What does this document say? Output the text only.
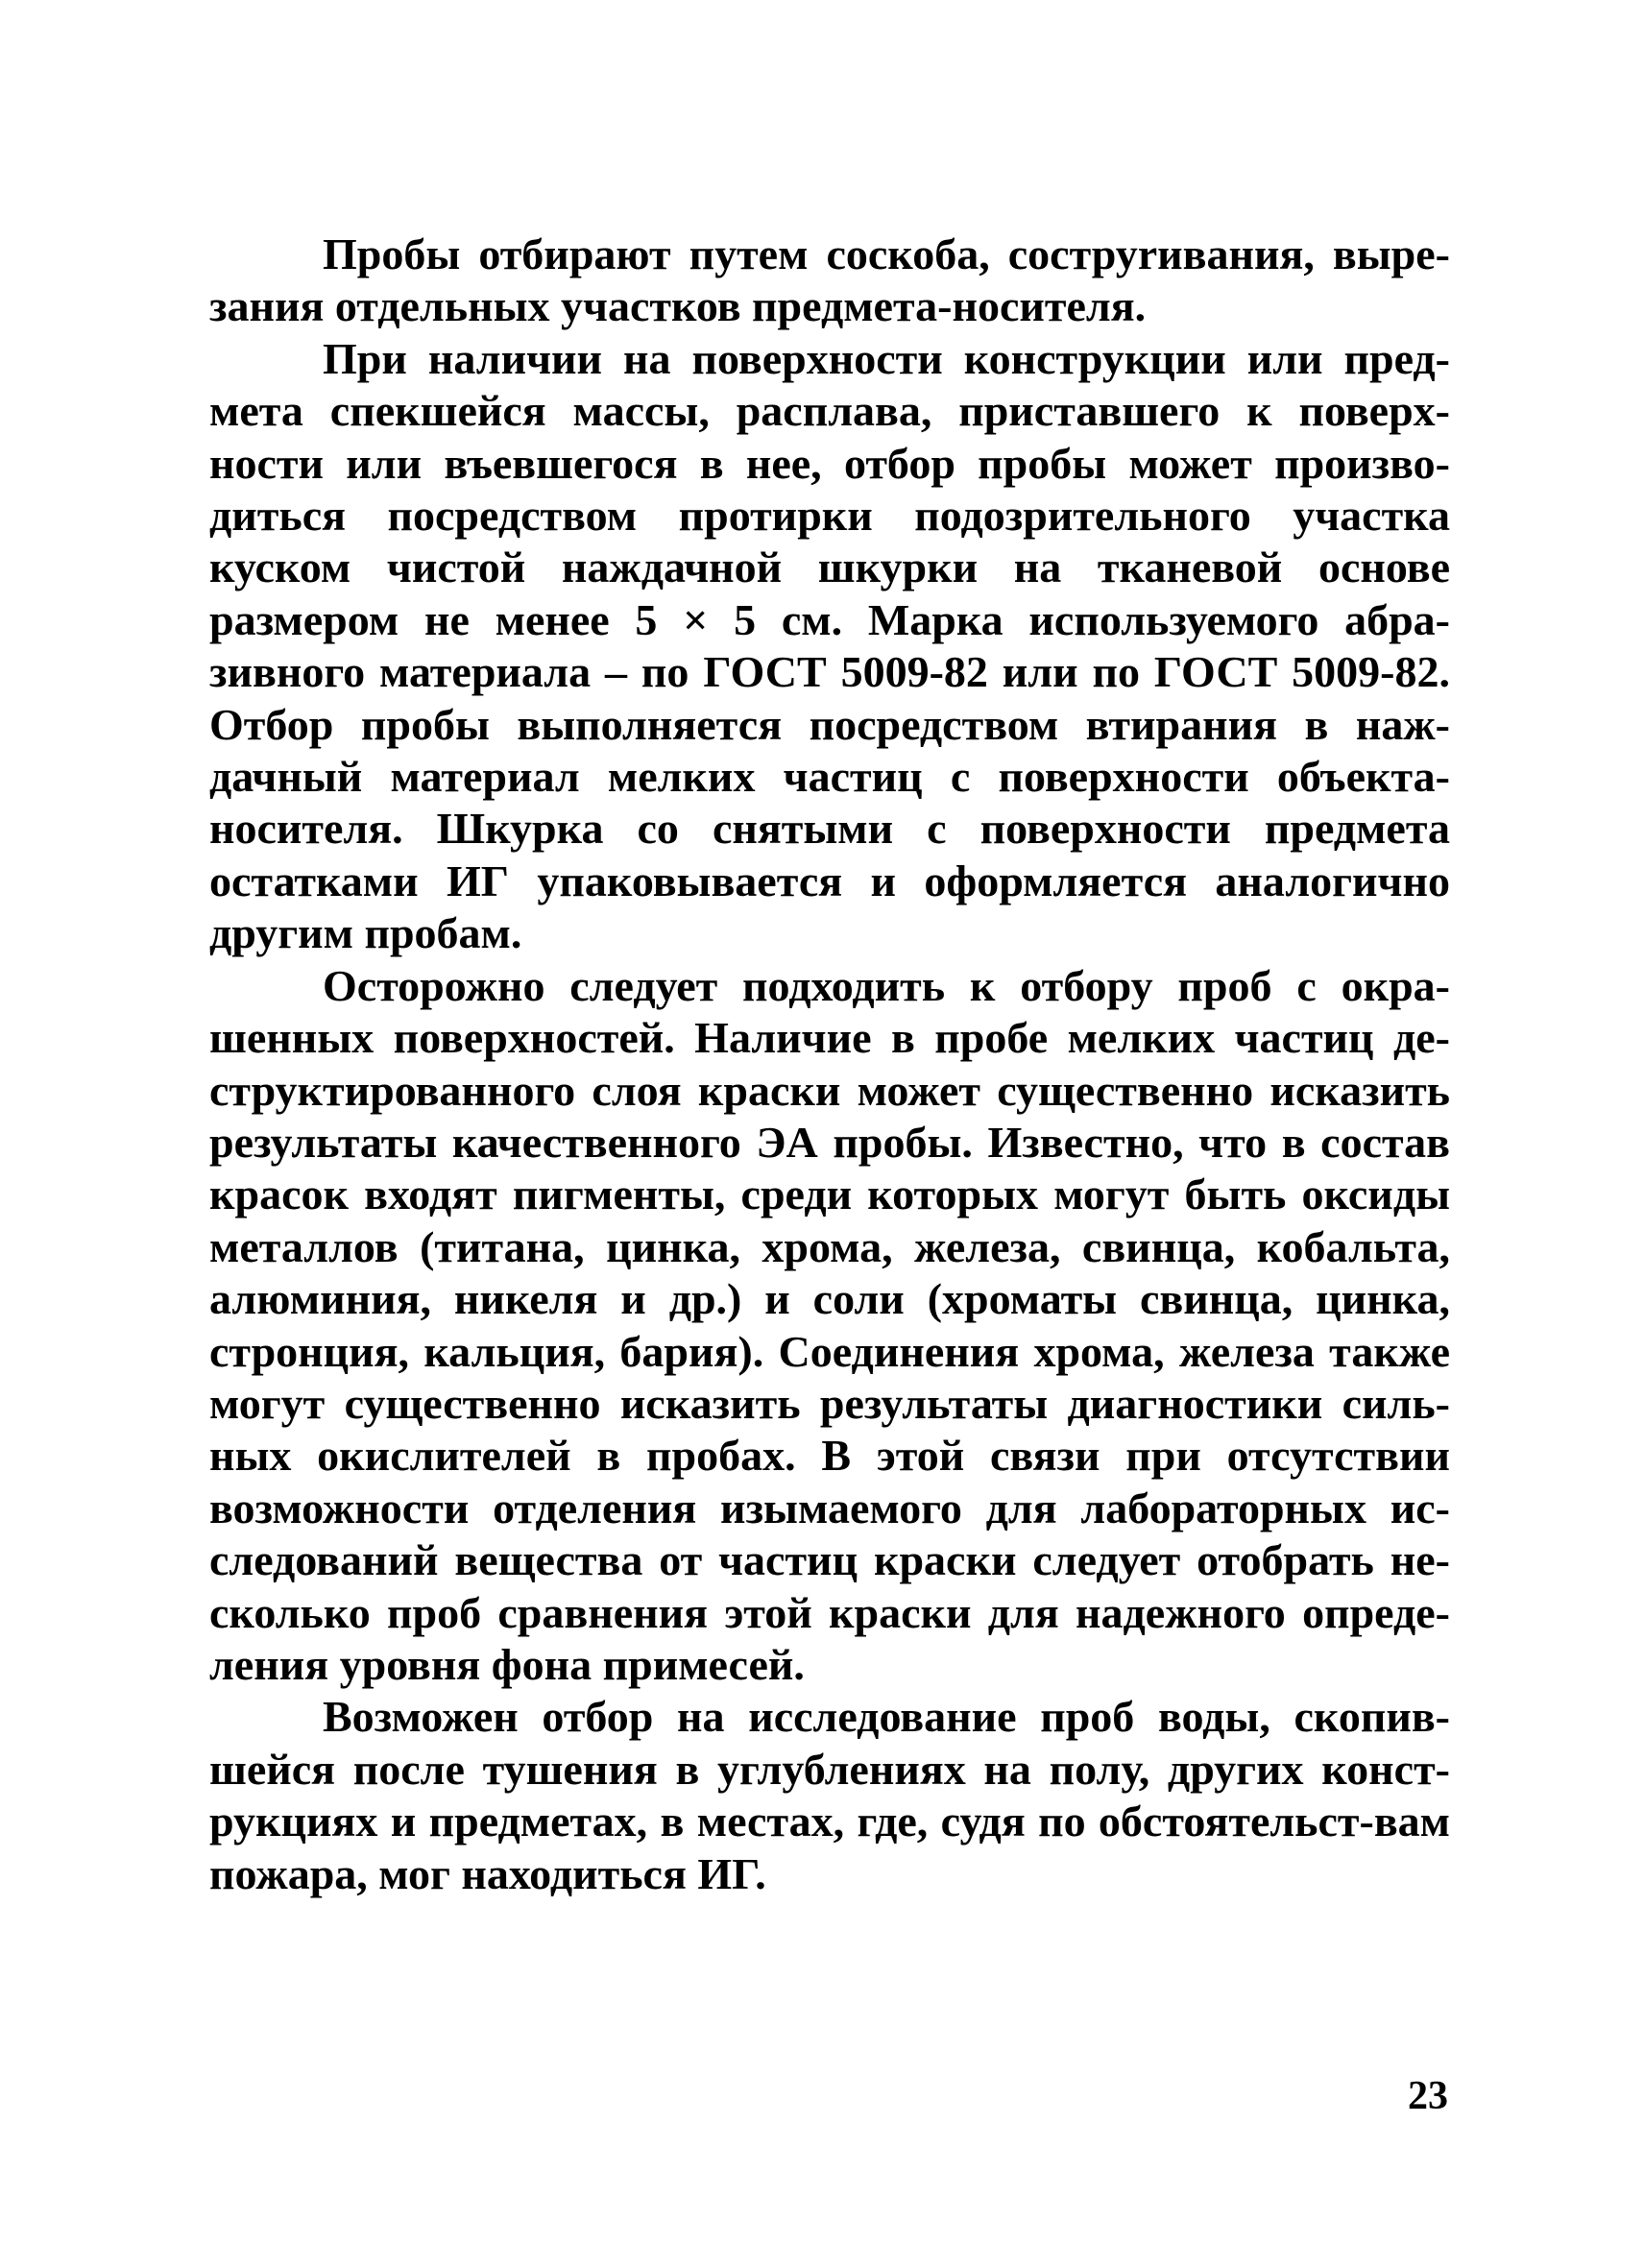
Пробы отбирают путем соскоба, соструrивания, выре-зания отдельных участков предмета-носителя.

При наличии на поверхности конструкции или пред-мета спекшейся массы, расплава, приставшего к поверх-ности или въевшегося в нее, отбор пробы может произво-диться посредством протирки подозрительного участка куском чистой наждачной шкурки на тканевой основе размером не менее 5 × 5 см. Марка используемого абра-зивного материала – по ГОСТ 5009-82 или по ГОСТ 5009-82. Отбор пробы выполняется посредством втирания в наж-дачный материал мелких частиц с поверхности объекта-носителя. Шкурка со снятыми с поверхности предмета остатками ИГ упаковывается и оформляется аналогично другим пробам.

Осторожно следует подходить к отбору проб с окра-шенных поверхностей. Наличие в пробе мелких частиц де-структированного слоя краски может существенно исказить результаты качественного ЭА пробы. Известно, что в состав красок входят пигменты, среди которых могут быть оксиды металлов (титана, цинка, хрома, железа, свинца, кобальта, алюминия, никеля и др.) и соли (хроматы свинца, цинка, стронция, кальция, бария). Соединения хрома, железа также могут существенно исказить результаты диагностики силь-ных окислителей в пробах. В этой связи при отсутствии возможности отделения изымаемого для лабораторных ис-следований вещества от частиц краски следует отобрать не-сколько проб сравнения этой краски для надежного опреде-ления уровня фона примесей.

Возможен отбор на исследование проб воды, скопив-шейся после тушения в углублениях на полу, других конст-рукциях и предметах, в местах, где, судя по обстоятельст-вам пожара, мог находиться ИГ.

23
